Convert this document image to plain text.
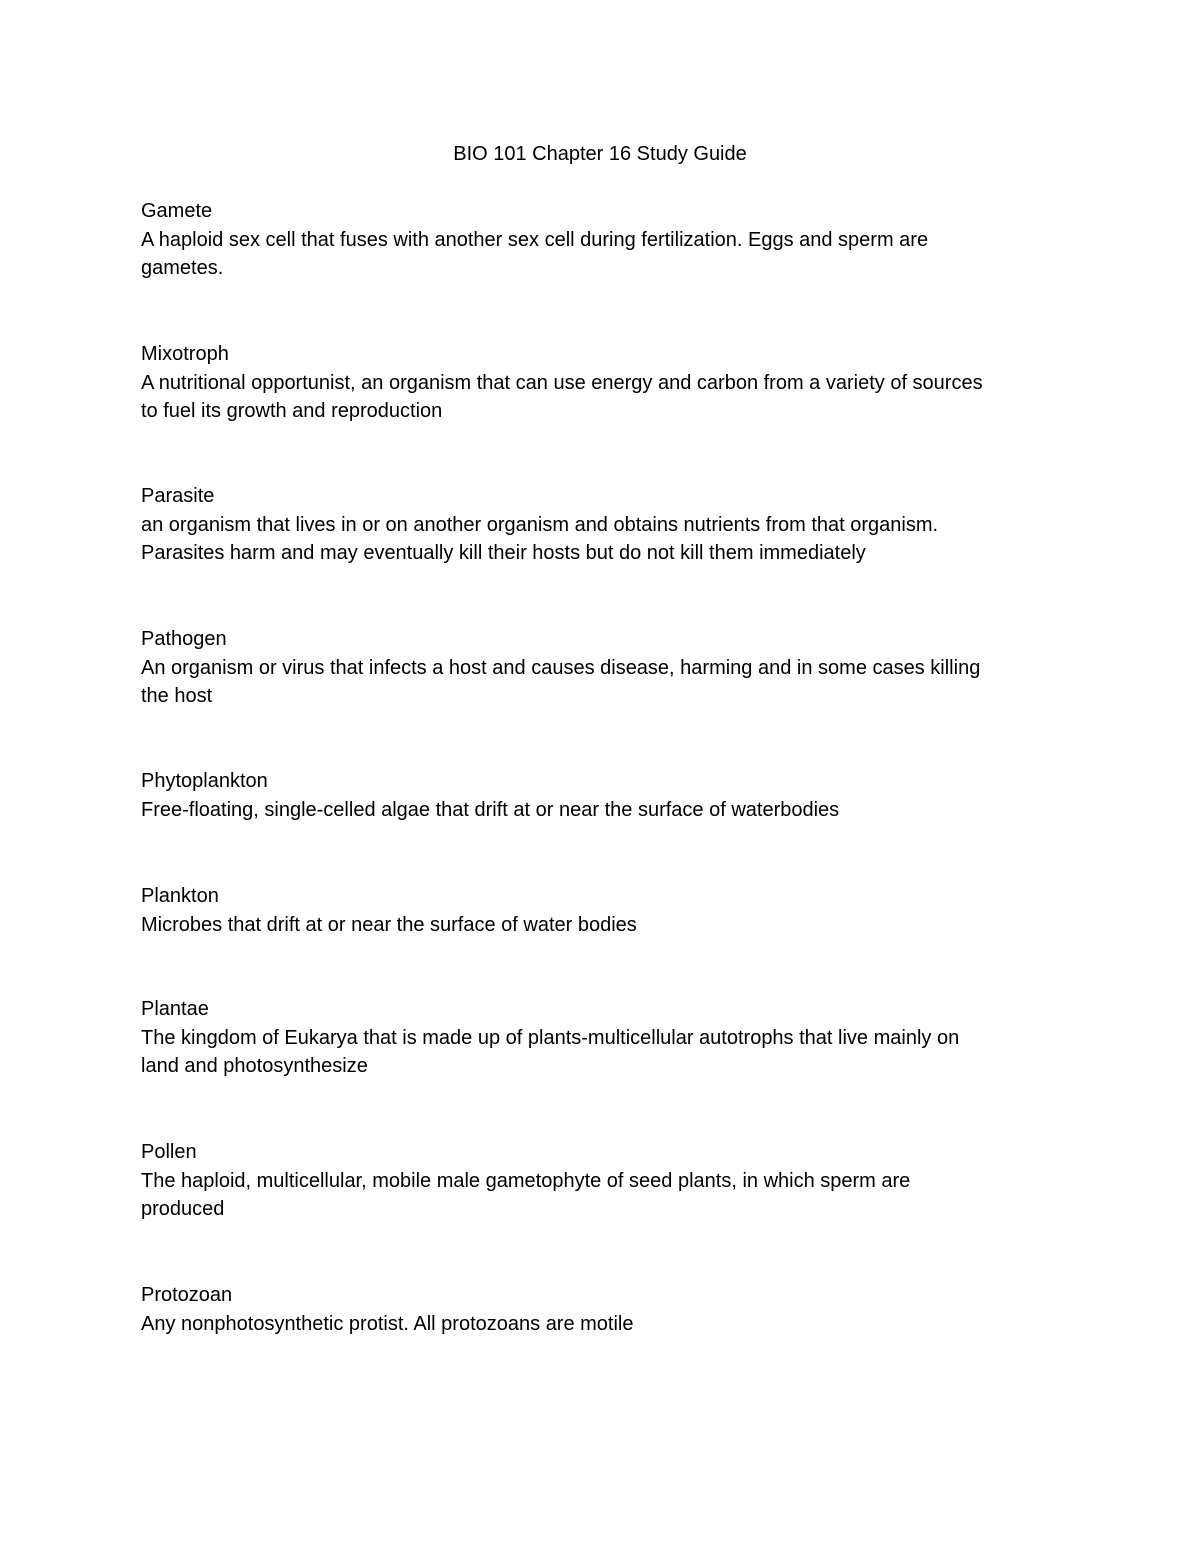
BIO 101 Chapter 16 Study Guide
Gamete
A haploid sex cell that fuses with another sex cell during fertilization. Eggs and sperm are
gametes.
Mixotroph
A nutritional opportunist, an organism that can use energy and carbon from a variety of sources
to fuel its growth and reproduction
Parasite
an organism that lives in or on another organism and obtains nutrients from that organism.
Parasites harm and may eventually kill their hosts but do not kill them immediately
Pathogen
An organism or virus that infects a host and causes disease, harming and in some cases killing
the host
Phytoplankton
Free-floating, single-celled algae that drift at or near the surface of waterbodies
Plankton
Microbes that drift at or near the surface of water bodies
Plantae
The kingdom of Eukarya that is made up of plants-multicellular autotrophs that live mainly on
land and photosynthesize
Pollen
The haploid, multicellular, mobile male gametophyte of seed plants, in which sperm are
produced
Protozoan
Any nonphotosynthetic protist. All protozoans are motile
